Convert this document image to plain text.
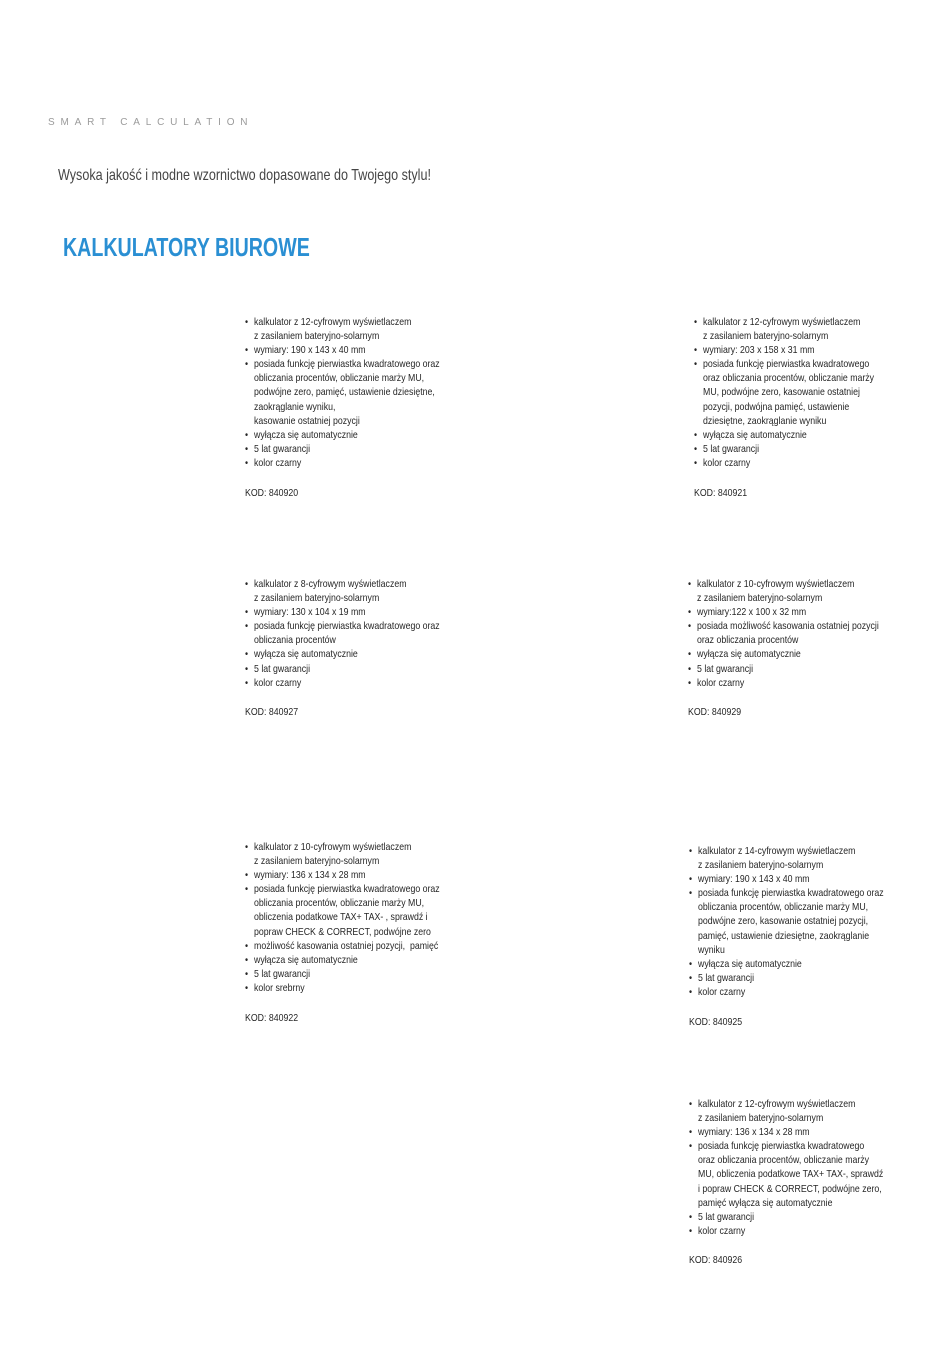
SMART CALCULATION
Wysoka jakość i modne wzornictwo dopasowane do Twojego stylu!
KALKULATORY BIUROWE
• kalkulator z 12-cyfrowym wyświetlaczem
z zasilaniem bateryjno-solarnym
• wymiary: 190 x 143 x 40 mm
• posiada funkcję pierwiastka kwadratowego oraz
obliczania procentów, obliczanie marży MU,
podwójne zero, pamięć, ustawienie dziesiętne,
zaokrąglanie wyniku,
kasowanie ostatniej pozycji
• wyłącza się automatycznie
• 5 lat gwarancji
• kolor czarny
KOD: 840920
• kalkulator z 12-cyfrowym wyświetlaczem
z zasilaniem bateryjno-solarnym
• wymiary: 203 x 158 x 31 mm
• posiada funkcję pierwiastka kwadratowego
oraz obliczania procentów, obliczanie marży
MU, podwójne zero, kasowanie ostatniej
pozycji, podwójna pamięć, ustawienie
dziesiętne, zaokrąglanie wyniku
• wyłącza się automatycznie
• 5 lat gwarancji
• kolor czarny
KOD: 840921
• kalkulator z 8-cyfrowym wyświetlaczem
z zasilaniem bateryjno-solarnym
• wymiary: 130 x 104 x 19 mm
• posiada funkcję pierwiastka kwadratowego oraz
obliczania procentów
• wyłącza się automatycznie
• 5 lat gwarancji
• kolor czarny
KOD: 840927
• kalkulator z 10-cyfrowym wyświetlaczem
z zasilaniem bateryjno-solarnym
• wymiary:122 x 100 x 32 mm
• posiada możliwość kasowania ostatniej pozycji
oraz obliczania procentów
• wyłącza się automatycznie
• 5 lat gwarancji
• kolor czarny
KOD: 840929
• kalkulator z 10-cyfrowym wyświetlaczem
z zasilaniem bateryjno-solarnym
• wymiary: 136 x 134 x 28 mm
• posiada funkcję pierwiastka kwadratowego oraz
obliczania procentów, obliczanie marży MU,
obliczenia podatkowe TAX+ TAX- , sprawdź i
popraw CHECK & CORRECT, podwójne zero
• możliwość kasowania ostatniej pozycji,  pamięć
• wyłącza się automatycznie
• 5 lat gwarancji
• kolor srebrny
KOD: 840922
• kalkulator z 14-cyfrowym wyświetlaczem
z zasilaniem bateryjno-solarnym
• wymiary: 190 x 143 x 40 mm
• posiada funkcję pierwiastka kwadratowego oraz
obliczania procentów, obliczanie marży MU,
podwójne zero, kasowanie ostatniej pozycji,
pamięć, ustawienie dziesiętne, zaokrąglanie
wyniku
• wyłącza się automatycznie
• 5 lat gwarancji
• kolor czarny
KOD: 840925
• kalkulator z 12-cyfrowym wyświetlaczem
z zasilaniem bateryjno-solarnym
• wymiary: 136 x 134 x 28 mm
• posiada funkcję pierwiastka kwadratowego
oraz obliczania procentów, obliczanie marży
MU, obliczenia podatkowe TAX+ TAX-, sprawdź
i popraw CHECK & CORRECT, podwójne zero,
pamięć wyłącza się automatycznie
• 5 lat gwarancji
• kolor czarny
KOD: 840926
